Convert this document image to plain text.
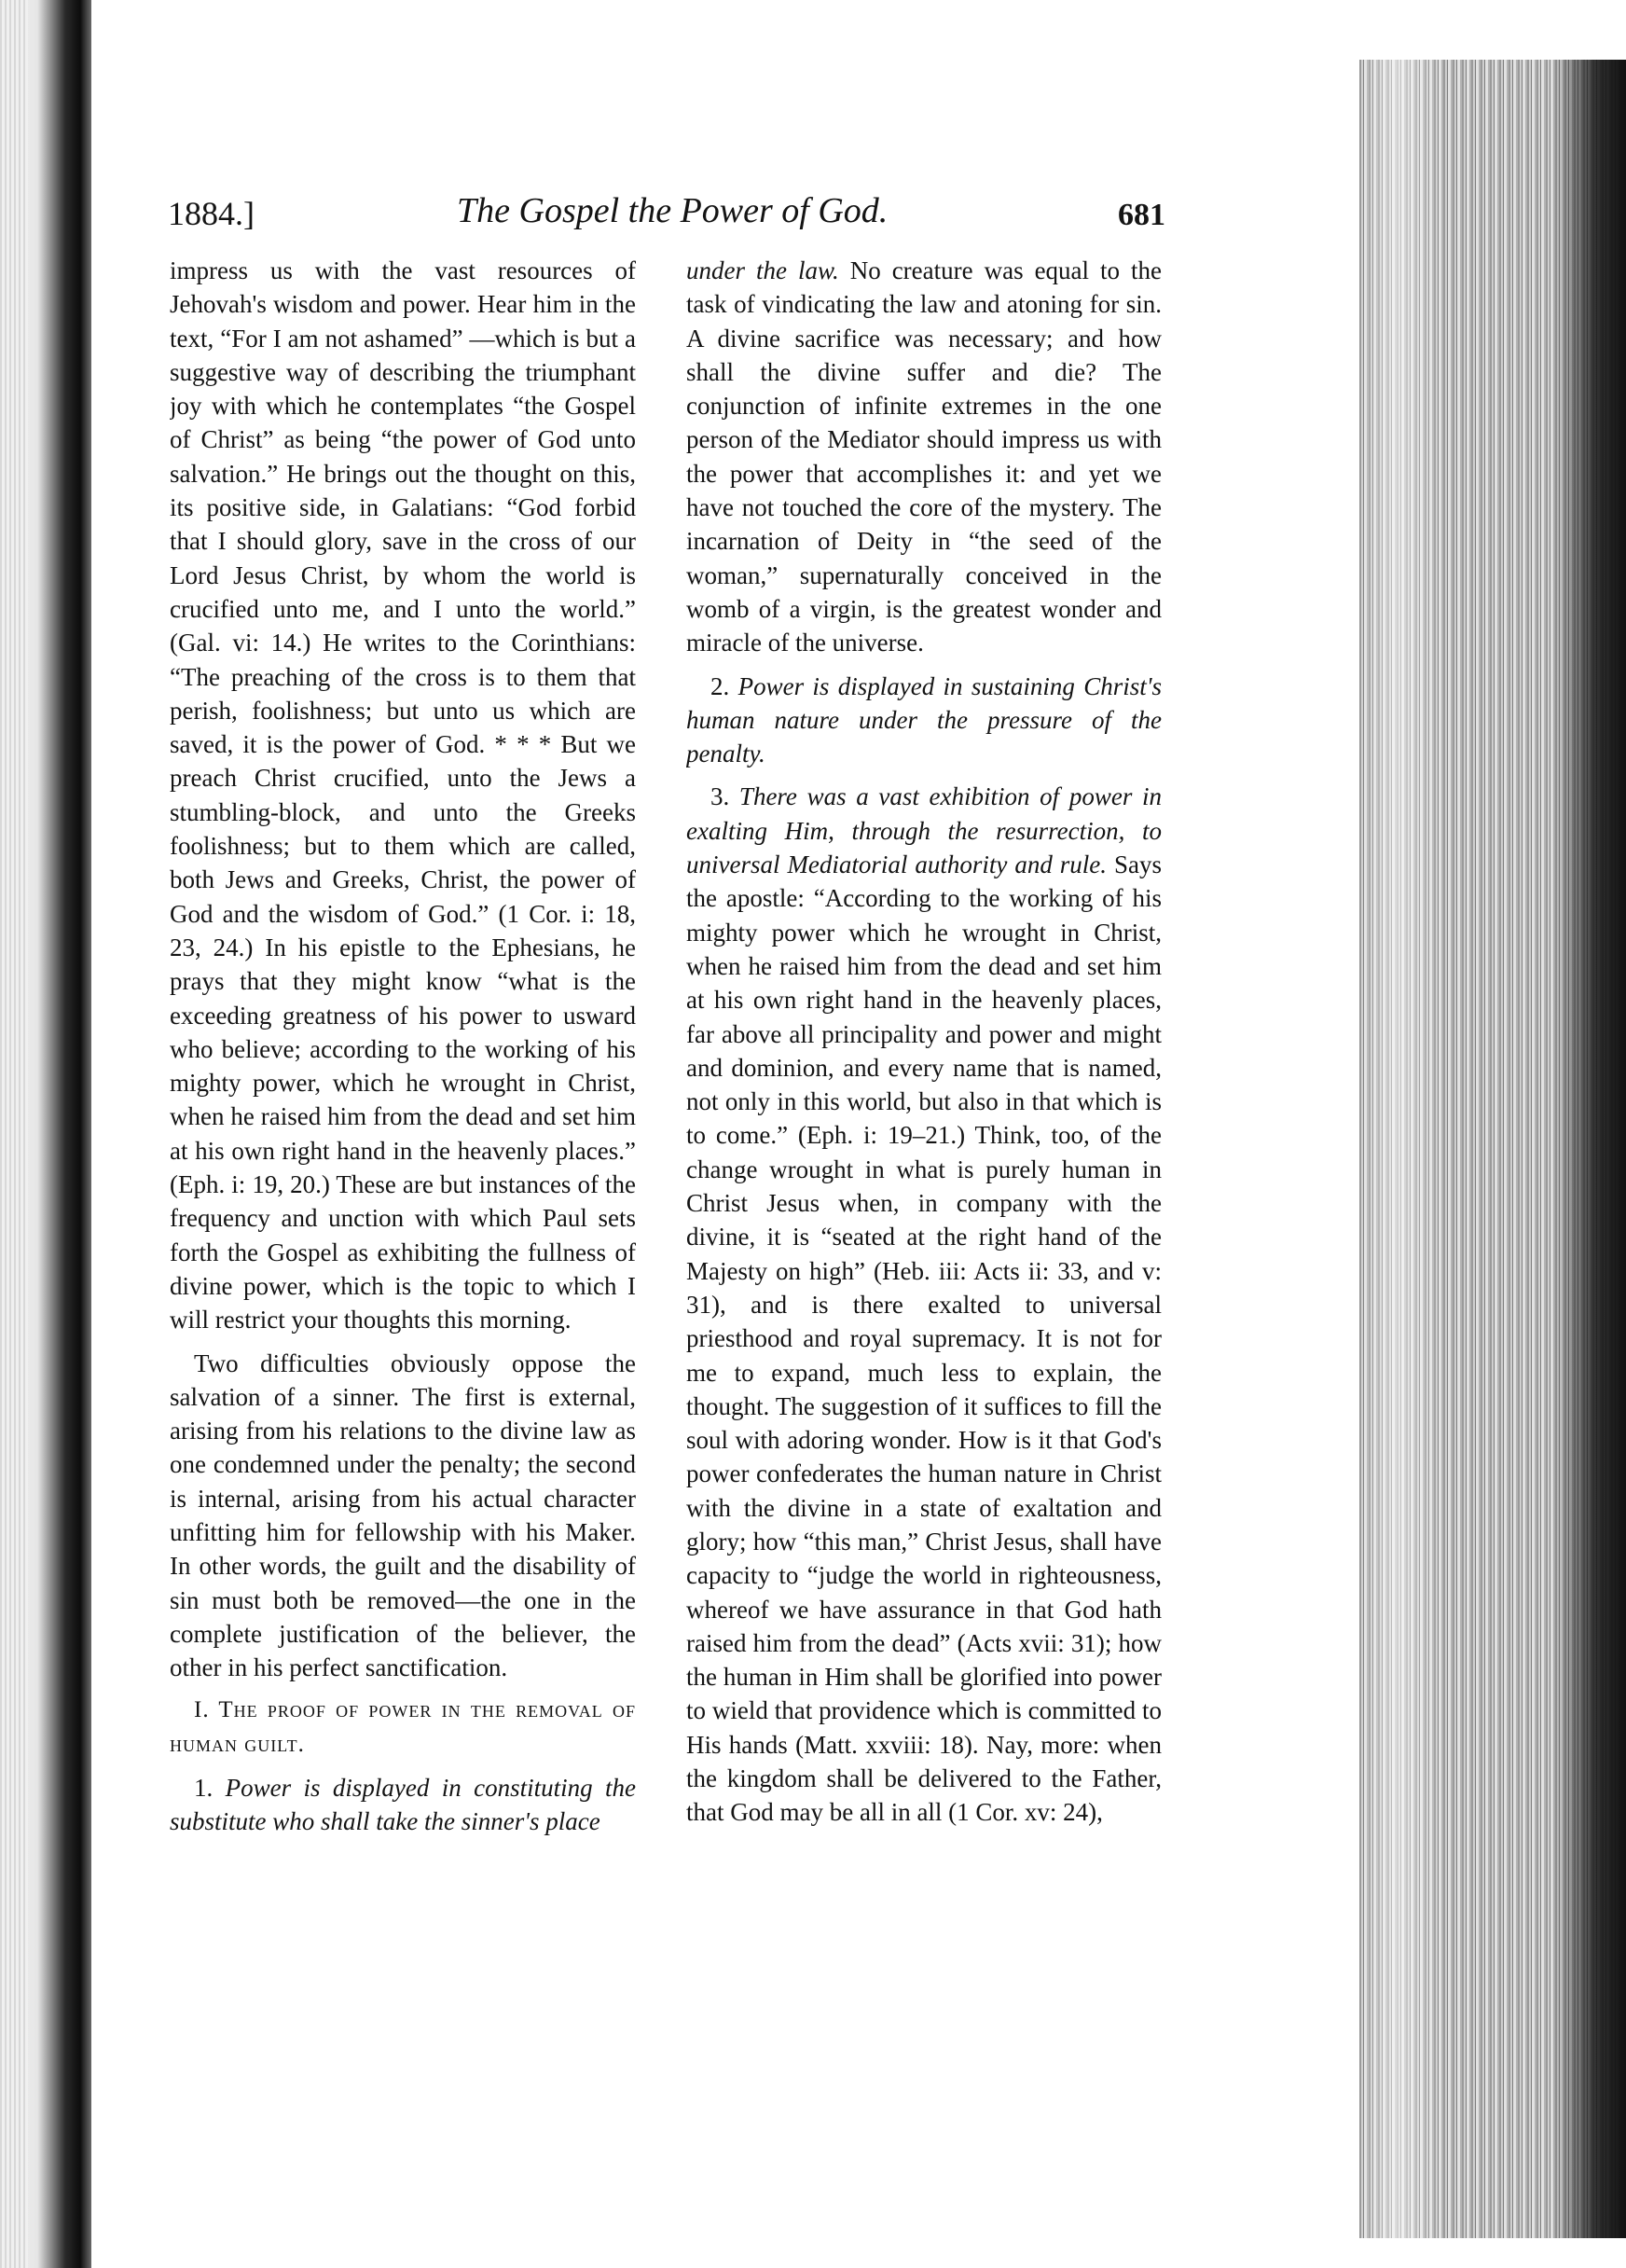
1884.]	The Gospel the Power of God.	681

impress us with the vast resources of Jehovah's wisdom and power. Hear him in the text, “For I am not ashamed” —which is but a suggestive way of describing the triumphant joy with which he contemplates “the Gospel of Christ” as being “the power of God unto salvation.” He brings out the thought on this, its positive side, in Galatians: “God forbid that I should glory, save in the cross of our Lord Jesus Christ, by whom the world is crucified unto me, and I unto the world.” (Gal. vi: 14.) He writes to the Corinthians: “The preaching of the cross is to them that perish, foolishness; but unto us which are saved, it is the power of God. * * * But we preach Christ crucified, unto the Jews a stumbling-block, and unto the Greeks foolishness; but to them which are called, both Jews and Greeks, Christ, the power of God and the wisdom of God.” (1 Cor. i: 18, 23, 24.) In his epistle to the Ephesians, he prays that they might know “what is the exceeding greatness of his power to usward who believe; according to the working of his mighty power, which he wrought in Christ, when he raised him from the dead and set him at his own right hand in the heavenly places.” (Eph. i: 19, 20.) These are but instances of the frequency and unction with which Paul sets forth the Gospel as exhibiting the fullness of divine power, which is the topic to which I will restrict your thoughts this morning.

Two difficulties obviously oppose the salvation of a sinner. The first is external, arising from his relations to the divine law as one condemned under the penalty; the second is internal, arising from his actual character unfitting him for fellowship with his Maker. In other words, the guilt and the disability of sin must both be removed—the one in the complete justification of the believer, the other in his perfect sanctification.

I. The proof of power in the removal of human guilt.

1. Power is displayed in constituting the substitute who shall take the sinner's place

under the law. No creature was equal to the task of vindicating the law and atoning for sin. A divine sacrifice was necessary; and how shall the divine suffer and die? The conjunction of infinite extremes in the one person of the Mediator should impress us with the power that accomplishes it: and yet we have not touched the core of the mystery. The incarnation of Deity in “the seed of the woman,” supernaturally conceived in the womb of a virgin, is the greatest wonder and miracle of the universe.

2. Power is displayed in sustaining Christ's human nature under the pressure of the penalty.

3. There was a vast exhibition of power in exalting Him, through the resurrection, to universal Mediatorial authority and rule. Says the apostle: “According to the working of his mighty power which he wrought in Christ, when he raised him from the dead and set him at his own right hand in the heavenly places, far above all principality and power and might and dominion, and every name that is named, not only in this world, but also in that which is to come.” (Eph. i: 19–21.) Think, too, of the change wrought in what is purely human in Christ Jesus when, in company with the divine, it is “seated at the right hand of the Majesty on high” (Heb. iii: Acts ii: 33, and v: 31), and is there exalted to universal priesthood and royal supremacy. It is not for me to expand, much less to explain, the thought. The suggestion of it suffices to fill the soul with adoring wonder. How is it that God's power confederates the human nature in Christ with the divine in a state of exaltation and glory; how “this man,” Christ Jesus, shall have capacity to “judge the world in righteousness, whereof we have assurance in that God hath raised him from the dead” (Acts xvii: 31); how the human in Him shall be glorified into power to wield that providence which is committed to His hands (Matt. xxviii: 18). Nay, more: when the kingdom shall be delivered to the Father, that God may be all in all (1 Cor. xv: 24),
